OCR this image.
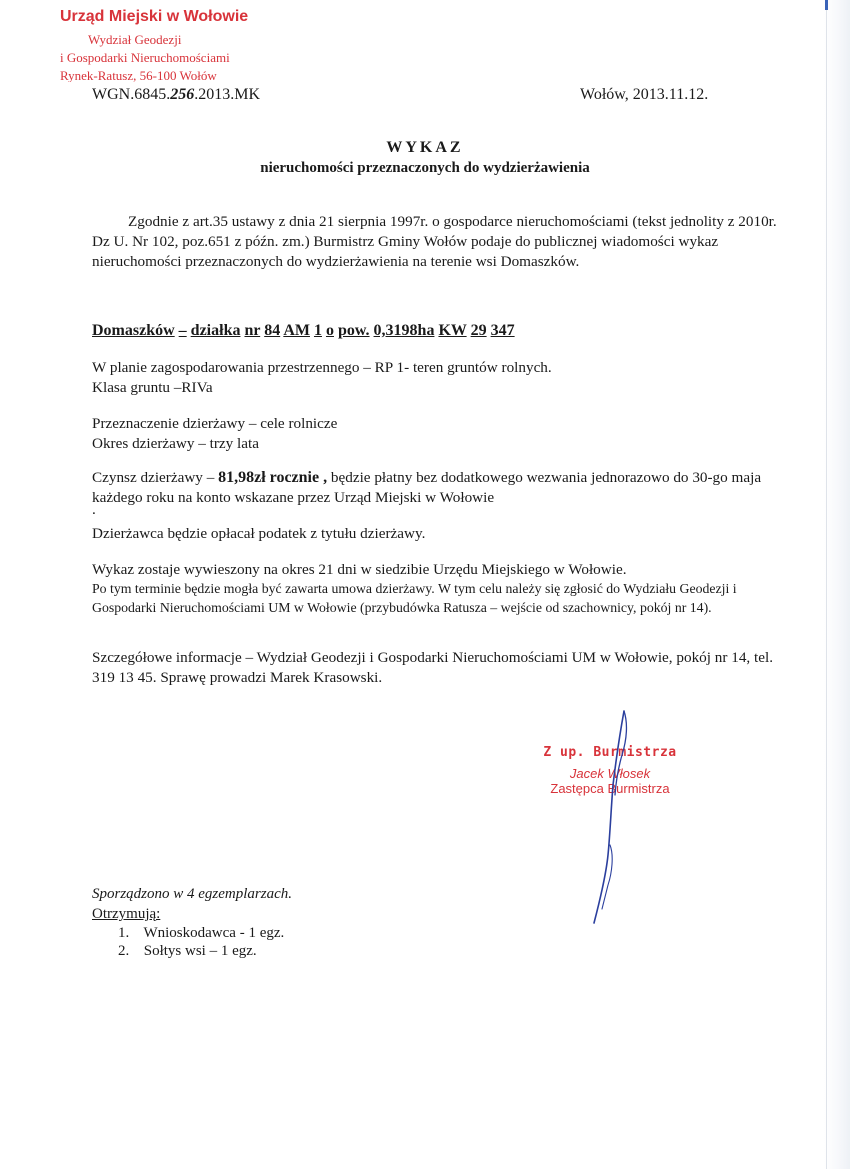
Urząd Miejski w Wołowie
Wydział Geodezji
i Gospodarki Nieruchomościami
Rynek-Ratusz, 56-100 Wołów
WGN.6845.256.2013.MK	Wołów, 2013.11.12.
WYKAZ
nieruchomości przeznaczonych do wydzierżawienia
Zgodnie z art.35 ustawy z dnia 21 sierpnia 1997r. o gospodarce nieruchomościami (tekst jednolity z 2010r. Dz U. Nr 102, poz.651 z późn. zm.) Burmistrz Gminy Wołów podaje do publicznej wiadomości wykaz nieruchomości przeznaczonych do wydzierżawienia na terenie wsi Domaszków.
Domaszków – działka nr 84 AM 1 o pow. 0,3198ha KW 29 347
W planie zagospodarowania przestrzennego – RP 1- teren gruntów rolnych.
Klasa gruntu –RIVa
Przeznaczenie dzierżawy – cele rolnicze
Okres dzierżawy – trzy lata
Czynsz dzierżawy – 81,98zł rocznie , będzie płatny bez dodatkowego wezwania jednorazowo do 30-go maja każdego roku na konto wskazane przez Urząd Miejski w Wołowie
.
Dzierżawca będzie opłacał podatek z tytułu dzierżawy.
Wykaz zostaje wywieszony na okres 21 dni w siedzibie Urzędu Miejskiego w Wołowie.
Po tym terminie będzie mogła być zawarta umowa dzierżawy. W tym celu należy się zgłosić do Wydziału Geodezji i Gospodarki Nieruchomościami UM w Wołowie (przybudówka Ratusza – wejście od szachownicy, pokój nr 14).
Szczegółowe informacje – Wydział Geodezji i Gospodarki Nieruchomościami UM w Wołowie, pokój nr 14, tel. 319 13 45. Sprawę prowadzi Marek Krasowski.
Z up. Burmistrza
Jacek Włosek
Zastępca Burmistrza
Sporządzono w 4 egzemplarzach.
Otrzymują:
1. Wnioskodawca - 1 egz.
2. Sołtys wsi – 1 egz.
